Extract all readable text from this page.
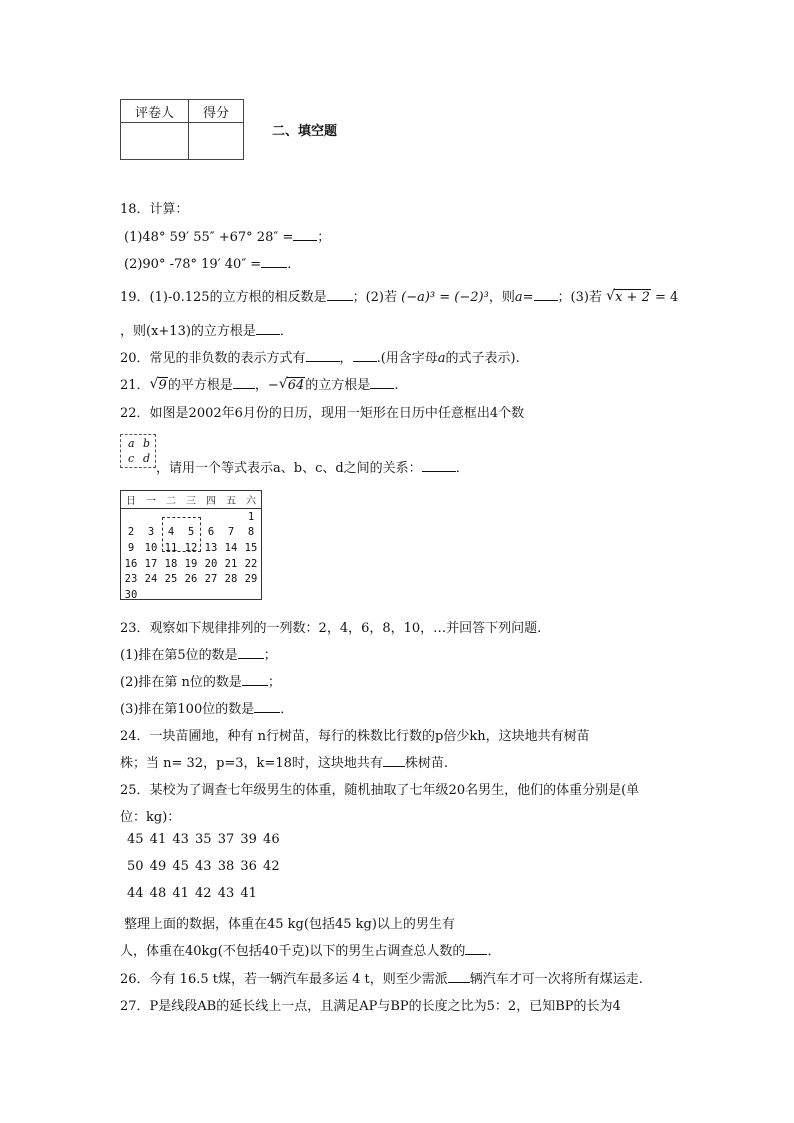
评卷人	得分

二、填空题
18．计算：
(1)48° 59′ 55″ +67° 28″ = ；
(2)90° -78° 19′ 40″ = ．
19．(1)-0.125的立方根的相反数是 ；(2)若 (−a)³ = (−2)³，则a= ；(3)若 √ x + 2 = 4
，则(x+13)的立方根是 ．
20．常见的非负数的表示方式有	， .(用含字母a的式子表示).
21． √ 9的平方根是 ，− √ 64的立方根是 .
22．如图是2002年6月份的日历，现用一矩形在日历中任意框出4个数
a b
c d
，请用一个等式表示a、b、c、d之间的关系：	．
日	一	二	三	四	五	六
						1
2	3	4	5	6	7	8
9	10	11	12	13	14	15
16	17	18	19	20	21	22
23	24	25	26	27	28	29
30						
23．观察如下规律排列的一列数：2，4，6，8，10，…并回答下列问题.
(1)排在第5位的数是 ；
(2)排在第 n位的数是 ；
(3)排在第100位的数是 ．
24．一块苗圃地，种有 n行树苗，每行的株数比行数的p倍少kh，这块地共有树苗
株；当 n= 32，p=3，k=18时，这块地共有 株树苗.
25．某校为了调查七年级男生的体重，随机抽取了七年级20名男生，他们的体重分别是(单
位：kg)：
45 41 43 35 37 39 46
50 49 45 43 38 36 42
44 48 41 42 43 41
整理上面的数据，体重在45 kg(包括45 kg)以上的男生有
人，体重在40kg(不包括40千克)以下的男生占调查总人数的 ．
26．今有 16.5 t煤，若一辆汽车最多运 4 t，则至少需派 辆汽车才可一次将所有煤运走.
27．P是线段AB的延长线上一点，且满足AP与BP的长度之比为5：2，已知BP的长为4
